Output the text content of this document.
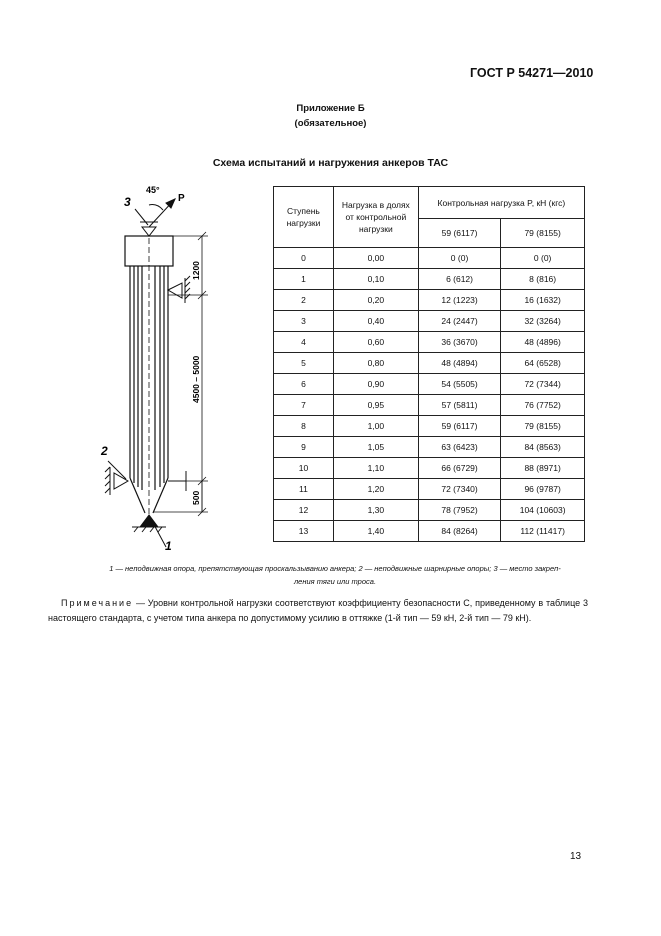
ГОСТ Р 54271—2010
Приложение Б
(обязательное)
Схема испытаний и нагружения анкеров ТАС
3
45°
P
2
1
1200
4500 – 5000
500
Ступень нагрузки	Нагрузка в долях от контрольной нагрузки	Контрольная нагрузка P, кН (кгс)	
		59 (6117)	79 (8155)
0	0,00	0 (0)	0 (0)
1	0,10	6 (612)	8 (816)
2	0,20	12 (1223)	16 (1632)
3	0,40	24 (2447)	32 (3264)
4	0,60	36 (3670)	48 (4896)
5	0,80	48 (4894)	64 (6528)
6	0,90	54 (5505)	72 (7344)
7	0,95	57 (5811)	76 (7752)
8	1,00	59 (6117)	79 (8155)
9	1,05	63 (6423)	84 (8563)
10	1,10	66 (6729)	88 (8971)
11	1,20	72 (7340)	96 (9787)
12	1,30	78 (7952)	104 (10603)
13	1,40	84 (8264)	112 (11417)
1 — неподвижная опора, препятствующая проскальзыванию анкера; 2 — неподвижные шарнирные опоры; 3 — место закреп-
ления тяги или троса.
Примечание — Уровни контрольной нагрузки соответствуют коэффициенту безопасности C, приведенному в таблице 3 настоящего стандарта, с учетом типа анкера по допустимому усилию в оттяжке (1-й тип — 59 кН, 2-й тип — 79 кН).
13
